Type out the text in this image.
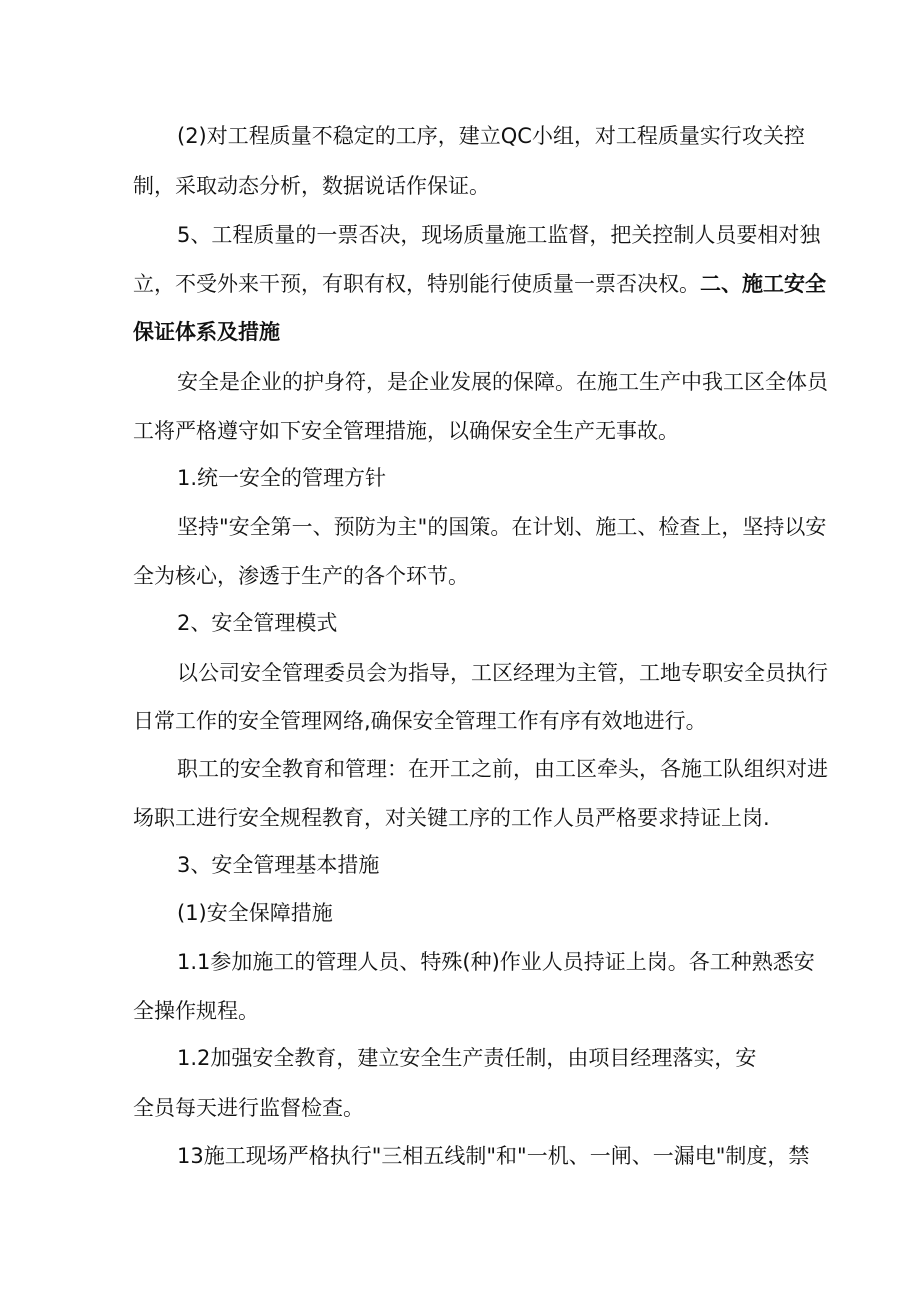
(2)对工程质量不稳定的工序，建立QC小组，对工程质量实行攻关控
制，采取动态分析，数据说话作保证。
5、工程质量的一票否决，现场质量施工监督，把关控制人员要相对独
立，不受外来干预，有职有权，特别能行使质量一票否决权。二、施工安全
保证体系及措施
安全是企业的护身符，是企业发展的保障。在施工生产中我工区全体员
工将严格遵守如下安全管理措施，以确保安全生产无事故。
1.统一安全的管理方针
坚持"安全第一、预防为主"的国策。在计划、施工、检查上，坚持以安
全为核心，渗透于生产的各个环节。
2、安全管理模式
以公司安全管理委员会为指导，工区经理为主管，工地专职安全员执行
日常工作的安全管理网络,确保安全管理工作有序有效地进行。
职工的安全教育和管理：在开工之前，由工区牵头，各施工队组织对进
场职工进行安全规程教育，对关键工序的工作人员严格要求持证上岗.
3、安全管理基本措施
(1)安全保障措施
1.1参加施工的管理人员、特殊(种)作业人员持证上岗。各工种熟悉安
全操作规程。
1.2加强安全教育，建立安全生产责任制，由项目经理落实，安
全员每天进行监督检查。
13施工现场严格执行"三相五线制"和"一机、一闸、一漏电"制度，禁
